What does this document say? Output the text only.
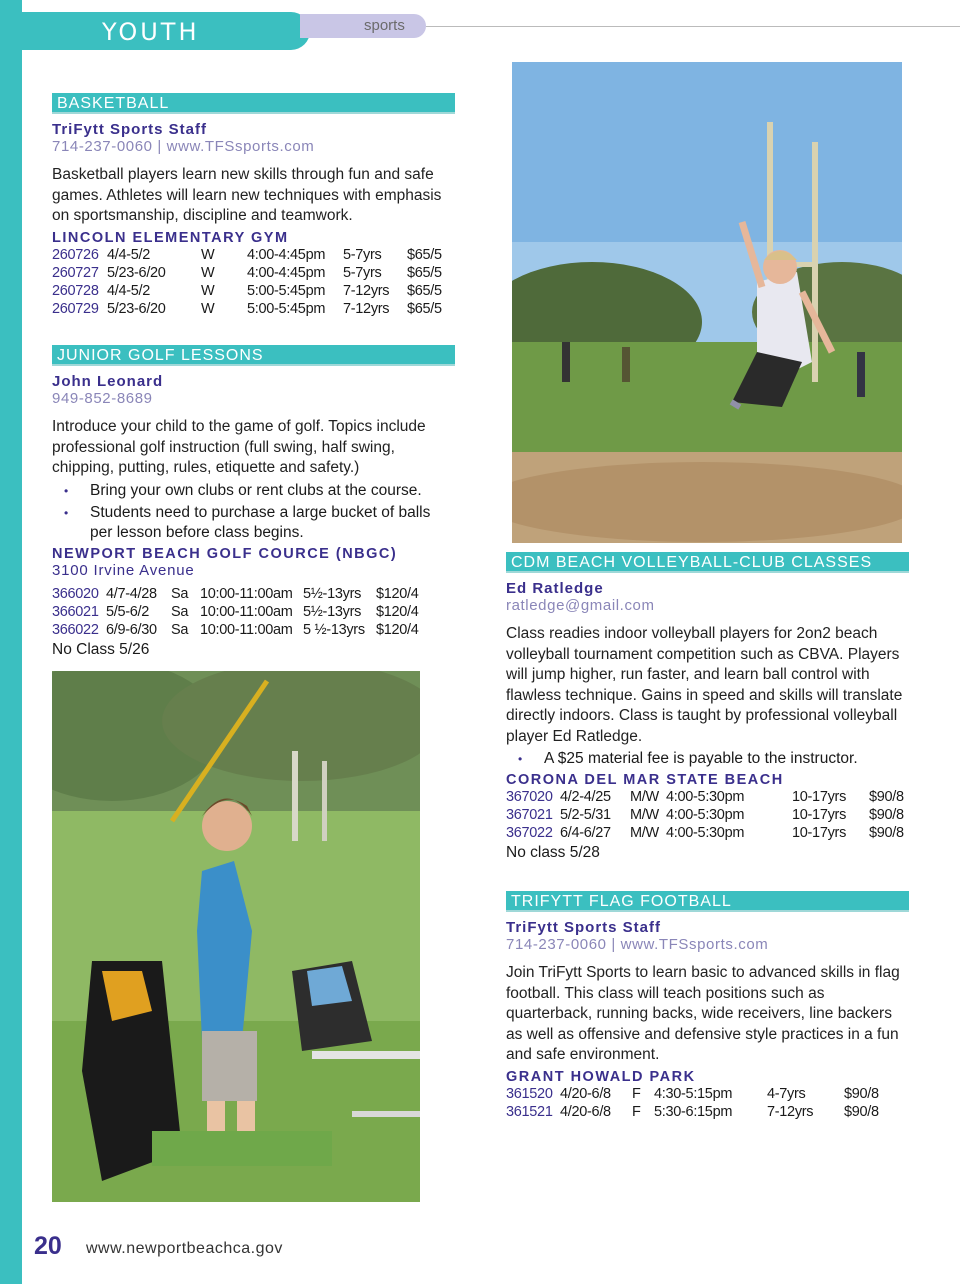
YOUTH	sports
BASKETBALL
TriFytt Sports Staff
714-237-0060 | www.TFSsports.com
Basketball players learn new skills through fun and safe games. Athletes will learn new techniques with emphasis on sportsmanship, discipline and teamwork.
LINCOLN ELEMENTARY GYM
260726	4/4-5/2	W	4:00-4:45pm	5-7yrs	$65/5
260727	5/23-6/20	W	4:00-4:45pm	5-7yrs	$65/5
260728	4/4-5/2	W	5:00-5:45pm	7-12yrs	$65/5
260729	5/23-6/20	W	5:00-5:45pm	7-12yrs	$65/5
JUNIOR GOLF LESSONS
John Leonard
949-852-8689
Introduce your child to the game of golf. Topics include professional golf instruction (full swing, half swing, chipping, putting, rules, etiquette and safety.)
• Bring your own clubs or rent clubs at the course.
• Students need to purchase a large bucket of balls per lesson before class begins.
NEWPORT BEACH GOLF COURCE (NBGC)
3100 Irvine Avenue
366020	4/7-4/28	Sa	10:00-11:00am	5½-13yrs	$120/4
366021	5/5-6/2	Sa	10:00-11:00am	5½-13yrs	$120/4
366022	6/9-6/30	Sa	10:00-11:00am	5 ½-13yrs	$120/4
No Class 5/26
CDM BEACH VOLLEYBALL-CLUB CLASSES
Ed Ratledge
ratledge@gmail.com
Class readies indoor volleyball players for 2on2 beach volleyball tournament competition such as CBVA. Players will jump higher, run faster, and learn ball control with flawless technique. Gains in speed and skills will translate directly indoors. Class is taught by professional volleyball player Ed Ratledge.
• A $25 material fee is payable to the instructor.
CORONA DEL MAR STATE BEACH
367020	4/2-4/25	M/W	4:00-5:30pm	10-17yrs	$90/8
367021	5/2-5/31	M/W	4:00-5:30pm	10-17yrs	$90/8
367022	6/4-6/27	M/W	4:00-5:30pm	10-17yrs	$90/8
No class 5/28
TRIFYTT FLAG FOOTBALL
TriFytt Sports Staff
714-237-0060 | www.TFSsports.com
Join TriFytt Sports to learn basic to advanced skills in flag football. This class will teach positions such as quarterback, running backs, wide receivers, line backers as well as offensive and defensive style practices in a fun and safe environment.
GRANT HOWALD PARK
361520	4/20-6/8	F	4:30-5:15pm	4-7yrs	$90/8
361521	4/20-6/8	F	5:30-6:15pm	7-12yrs	$90/8
20 www.newportbeachca.gov
